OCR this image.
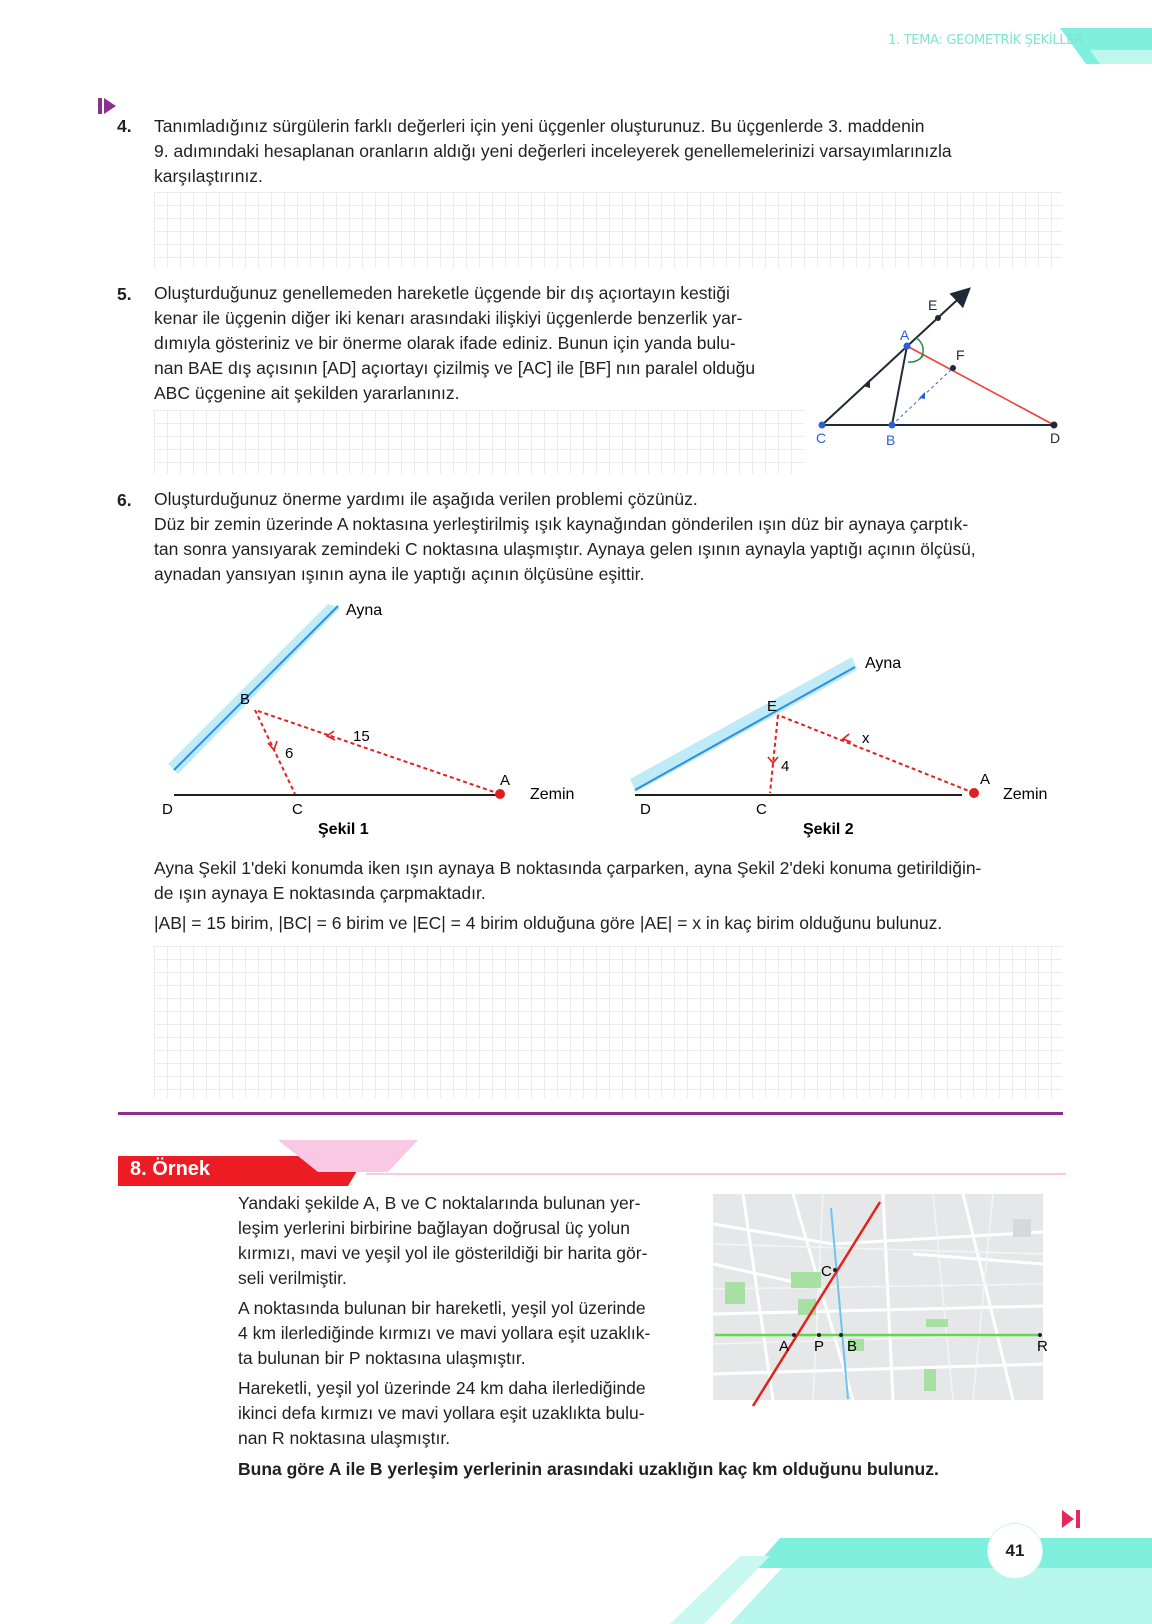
1. TEMA: GEOMETRİK ŞEKİLLER
4. Tanımladığınız sürgülerin farklı değerleri için yeni üçgenler oluşturunuz. Bu üçgenlerde 3. maddenin
9. adımındaki hesaplanan oranların aldığı yeni değerleri inceleyerek genellemelerinizi varsayımlarınızla
karşılaştırınız.
5. Oluşturduğunuz genellemeden hareketle üçgende bir dış açıortayın kestiği
kenar ile üçgenin diğer iki kenarı arasındaki ilişkiyi üçgenlerde benzerlik yar-
dımıyla gösteriniz ve bir önerme olarak ifade ediniz. Bunun için yanda bulu-
nan BAE dış açısının [AD] açıortayı çizilmiş ve [AC] ile [BF] nın paralel olduğu
ABC üçgenine ait şekilden yararlanınız.
E
A
F
C	B	D
6. Oluşturduğunuz önerme yardımı ile aşağıda verilen problemi çözünüz.
Düz bir zemin üzerinde A noktasına yerleştirilmiş ışık kaynağından gönderilen ışın düz bir aynaya çarptık-
tan sonra yansıyarak zemindeki C noktasına ulaşmıştır. Aynaya gelen ışının aynayla yaptığı açının ölçüsü,
aynadan yansıyan ışının ayna ile yaptığı açının ölçüsüne eşittir.
Ayna
B
15
6
A
Zemin
D	C
Şekil 1
Ayna
E
x
4
A
Zemin
D	C
Şekil 2
Ayna Şekil 1'deki konumda iken ışın aynaya B noktasında çarparken, ayna Şekil 2'deki konuma getirildiğin-
de ışın aynaya E noktasında çarpmaktadır.
|AB| = 15 birim, |BC| = 6 birim ve |EC| = 4 birim olduğuna göre |AE| = x in kaç birim olduğunu bulunuz.
8. Örnek
Yandaki şekilde A, B ve C noktalarında bulunan yer-
leşim yerlerini birbirine bağlayan doğrusal üç yolun
kırmızı, mavi ve yeşil yol ile gösterildiği bir harita gör-
seli verilmiştir.
A noktasında bulunan bir hareketli, yeşil yol üzerinde
4 km ilerlediğinde kırmızı ve mavi yollara eşit uzaklık-
ta bulunan bir P noktasına ulaşmıştır.
Hareketli, yeşil yol üzerinde 24 km daha ilerlediğinde
ikinci defa kırmızı ve mavi yollara eşit uzaklıkta bulu-
nan R noktasına ulaşmıştır.
Buna göre A ile B yerleşim yerlerinin arasındaki uzaklığın kaç km olduğunu bulunuz.
C
A P B	R
41
